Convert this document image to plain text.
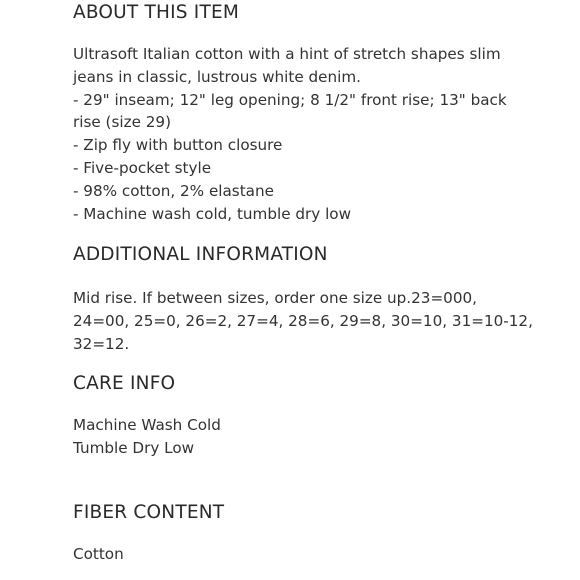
ABOUT THIS ITEM
Ultrasoft Italian cotton with a hint of stretch shapes slim
jeans in classic, lustrous white denim.
- 29" inseam; 12" leg opening; 8 1/2" front rise; 13" back
rise (size 29)
- Zip fly with button closure
- Five-pocket style
- 98% cotton, 2% elastane
- Machine wash cold, tumble dry low
ADDITIONAL INFORMATION
Mid rise. If between sizes, order one size up.23=000,
24=00, 25=0, 26=2, 27=4, 28=6, 29=8, 30=10, 31=10-12,
32=12.
CARE INFO
Machine Wash Cold
Tumble Dry Low
FIBER CONTENT
Cotton
